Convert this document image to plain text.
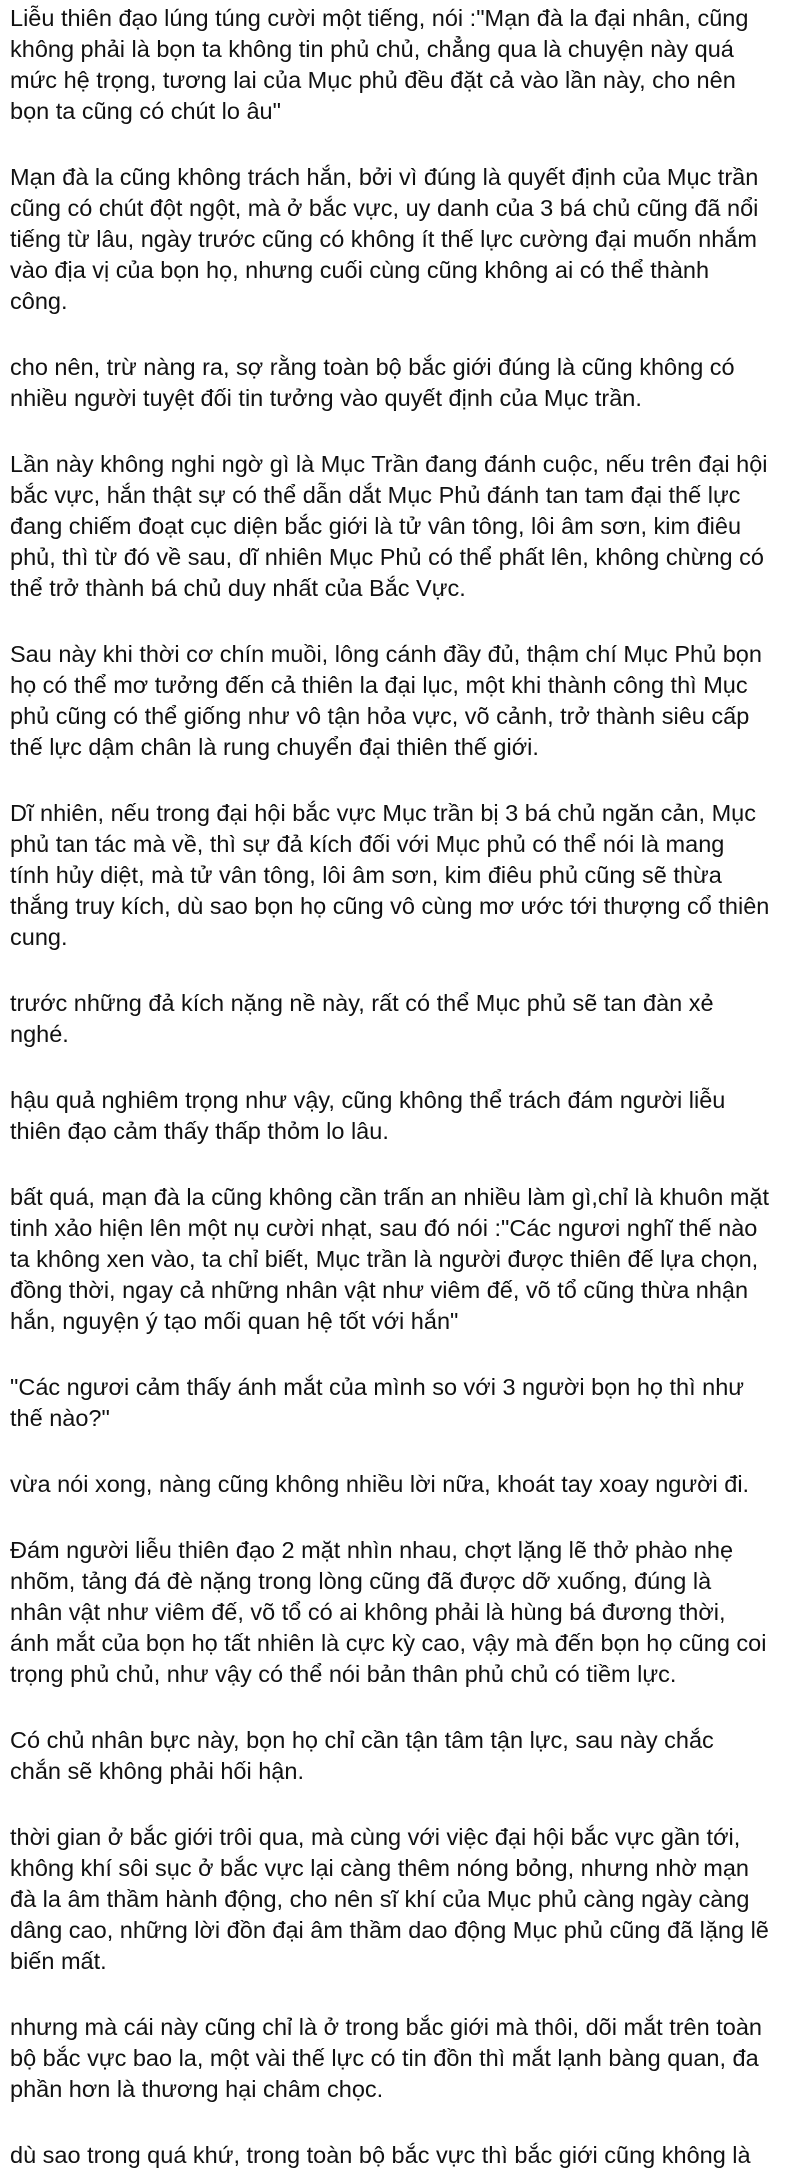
Liễu thiên đạo lúng túng cười một tiếng, nói :"Mạn đà la đại nhân, cũng
không phải là bọn ta không tin phủ chủ, chẳng qua là chuyện này quá
mức hệ trọng, tương lai của Mục phủ đều đặt cả vào lần này, cho nên
bọn ta cũng có chút lo âu"

Mạn đà la cũng không trách hắn, bởi vì đúng là quyết định của Mục trần
cũng có chút đột ngột, mà ở bắc vực, uy danh của 3 bá chủ cũng đã nổi
tiếng từ lâu, ngày trước cũng có không ít thế lực cường đại muốn nhắm
vào địa vị của bọn họ, nhưng cuối cùng cũng không ai có thể thành
công.

cho nên, trừ nàng ra, sợ rằng toàn bộ bắc giới đúng là cũng không có
nhiều người tuyệt đối tin tưởng vào quyết định của Mục trần.

Lần này không nghi ngờ gì là Mục Trần đang đánh cuộc, nếu trên đại hội
bắc vực, hắn thật sự có thể dẫn dắt Mục Phủ đánh tan tam đại thế lực
đang chiếm đoạt cục diện bắc giới là tử vân tông, lôi âm sơn, kim điêu
phủ, thì từ đó về sau, dĩ nhiên Mục Phủ có thể phất lên, không chừng có
thể trở thành bá chủ duy nhất của Bắc Vực.

Sau này khi thời cơ chín muồi, lông cánh đầy đủ, thậm chí Mục Phủ bọn
họ có thể mơ tưởng đến cả thiên la đại lục, một khi thành công thì Mục
phủ cũng có thể giống như vô tận hỏa vực, võ cảnh, trở thành siêu cấp
thế lực dậm chân là rung chuyển đại thiên thế giới.

Dĩ nhiên, nếu trong đại hội bắc vực Mục trần bị 3 bá chủ ngăn cản, Mục
phủ tan tác mà về, thì sự đả kích đối với Mục phủ có thể nói là mang
tính hủy diệt, mà tử vân tông, lôi âm sơn, kim điêu phủ cũng sẽ thừa
thắng truy kích, dù sao bọn họ cũng vô cùng mơ ước tới thượng cổ thiên
cung.

trước những đả kích nặng nề này, rất có thể Mục phủ sẽ tan đàn xẻ
nghé.

hậu quả nghiêm trọng như vậy, cũng không thể trách đám người liễu
thiên đạo cảm thấy thấp thỏm lo lâu.

bất quá, mạn đà la cũng không cần trấn an nhiều làm gì,chỉ là khuôn mặt
tinh xảo hiện lên một nụ cười nhạt, sau đó nói :"Các ngươi nghĩ thế nào
ta không xen vào, ta chỉ biết, Mục trần là người được thiên đế lựa chọn,
đồng thời, ngay cả những nhân vật như viêm đế, võ tổ cũng thừa nhận
hắn, nguyện ý tạo mối quan hệ tốt với hắn"

"Các ngươi cảm thấy ánh mắt của mình so với 3 người bọn họ thì như
thế nào?"

vừa nói xong, nàng cũng không nhiều lời nữa, khoát tay xoay người đi.

Đám người liễu thiên đạo 2 mặt nhìn nhau, chợt lặng lẽ thở phào nhẹ
nhõm, tảng đá đè nặng trong lòng cũng đã được dỡ xuống, đúng là
nhân vật như viêm đế, võ tổ có ai không phải là hùng bá đương thời,
ánh mắt của bọn họ tất nhiên là cực kỳ cao, vậy mà đến bọn họ cũng coi
trọng phủ chủ, như vậy có thể nói bản thân phủ chủ có tiềm lực.

Có chủ nhân bực này, bọn họ chỉ cần tận tâm tận lực, sau này chắc
chắn sẽ không phải hối hận.

thời gian ở bắc giới trôi qua, mà cùng với việc đại hội bắc vực gần tới,
không khí sôi sục ở bắc vực lại càng thêm nóng bỏng, nhưng nhờ mạn
đà la âm thầm hành động, cho nên sĩ khí của Mục phủ càng ngày càng
dâng cao, những lời đồn đại âm thầm dao động Mục phủ cũng đã lặng lẽ
biến mất.

nhưng mà cái này cũng chỉ là ở trong bắc giới mà thôi, dõi mắt trên toàn
bộ bắc vực bao la, một vài thế lực có tin đồn thì mắt lạnh bàng quan, đa
phần hơn là thương hại châm chọc.

dù sao trong quá khứ, trong toàn bộ bắc vực thì bắc giới cũng không là
